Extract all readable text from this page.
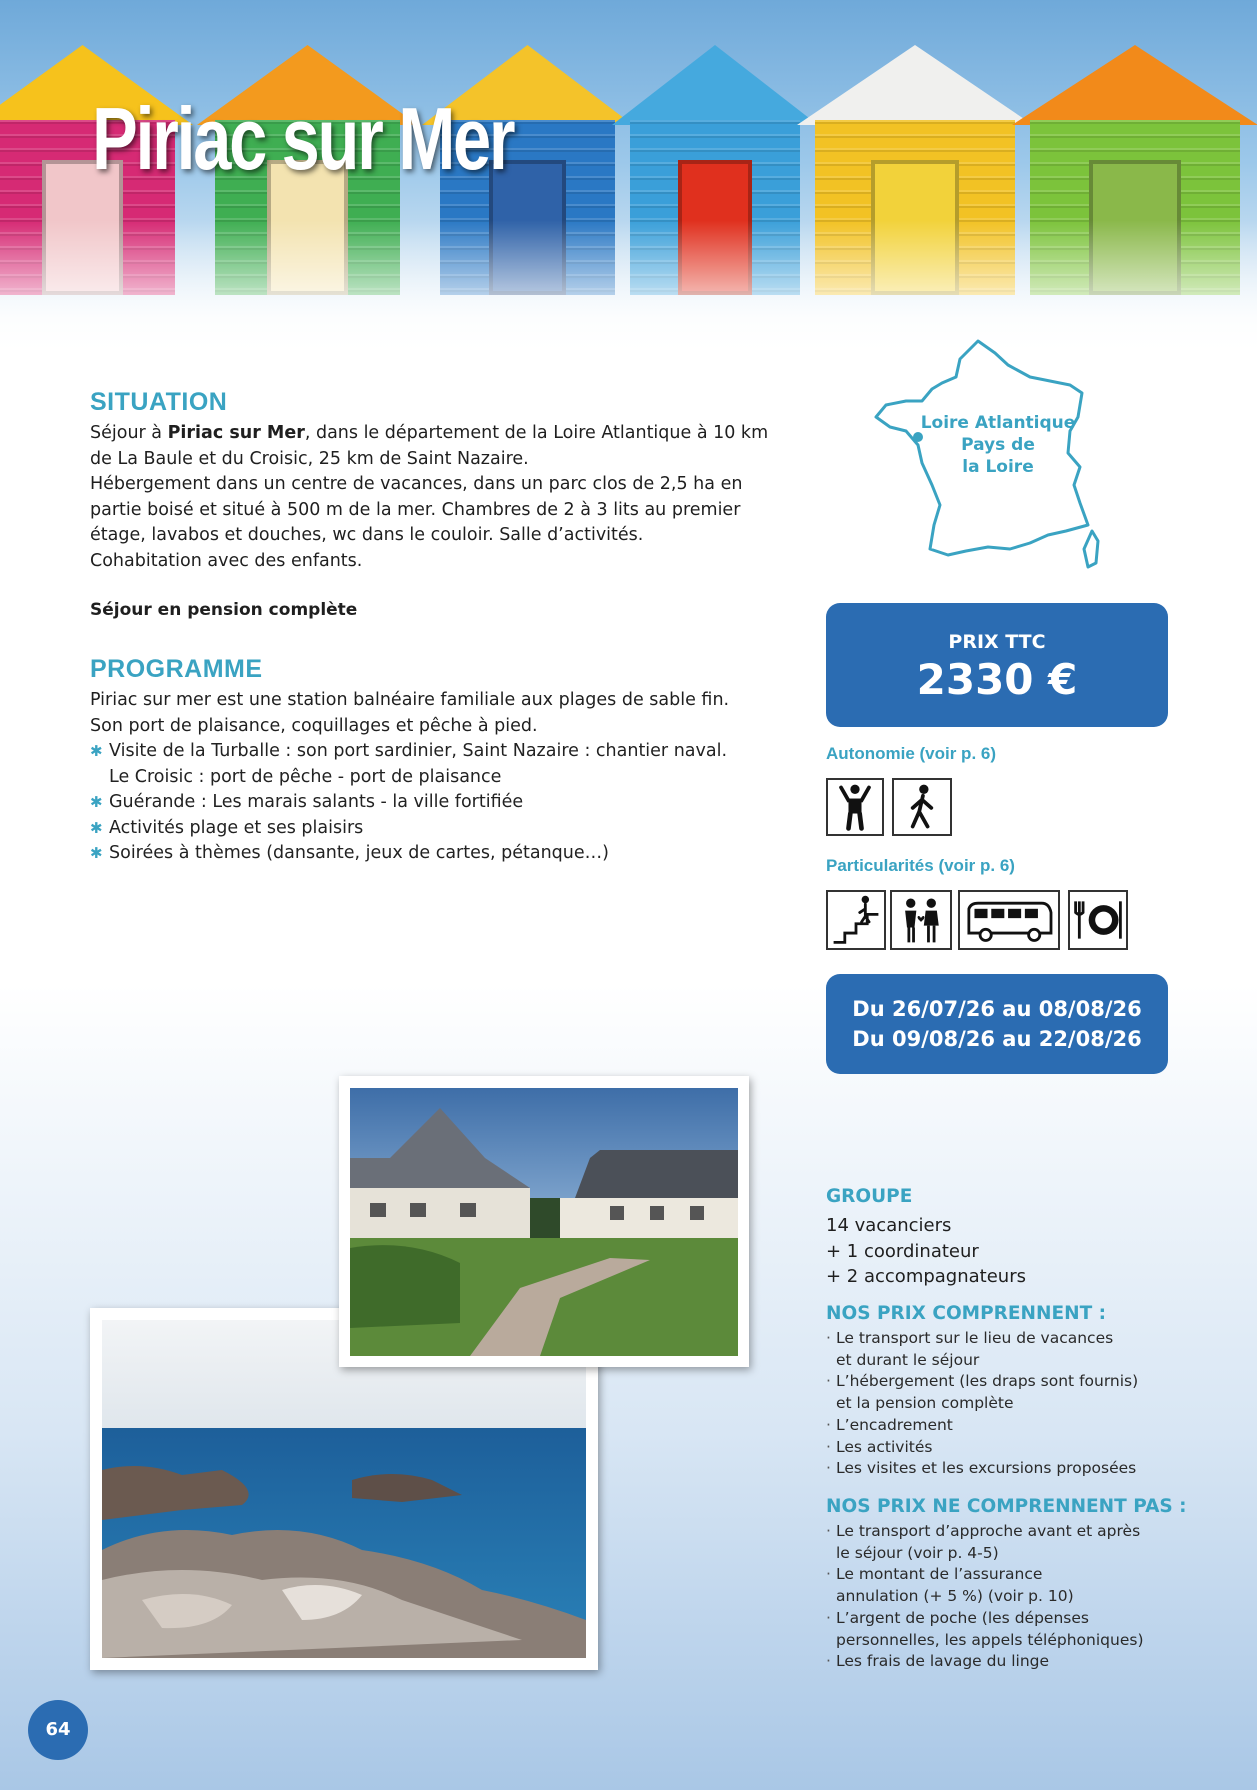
Piriac sur Mer
SITUATION

Séjour à Piriac sur Mer, dans le département de la Loire Atlantique à 10 km

de La Baule et du Croisic, 25 km de Saint Nazaire.

Hébergement dans un centre de vacances, dans un parc clos de 2,5 ha en

partie boisé et situé à 500 m de la mer. Chambres de 2 à 3 lits au premier

étage, lavabos et douches, wc dans le couloir. Salle d’activités.

Cohabitation avec des enfants.

Séjour en pension complète

PROGRAMME

Piriac sur mer est une station balnéaire familiale aux plages de sable fin.

Son port de plaisance, coquillages et pêche à pied.

✱ Visite de la Turballe : son port sardinier, Saint Nazaire : chantier naval.
Le Croisic : port de pêche - port de plaisance
✱ Guérande : Les marais salants - la ville fortifiée
✱ Activités plage et ses plaisirs
✱ Soirées à thèmes (dansante, jeux de cartes, pétanque…)
Loire Atlantique
Pays de
la Loire
PRIX TTC
2330 €
Autonomie (voir p. 6)
Particularités (voir p. 6)
Du 26/07/26 au 08/08/26
Du 09/08/26 au 22/08/26

GROUPE

14 vacanciers

+ 1 coordinateur

+ 2 accompagnateurs

NOS PRIX COMPRENNENT :

· Le transport sur le lieu de vacances
et durant le séjour
· L’hébergement (les draps sont fournis)
et la pension complète
· L’encadrement
· Les activités
· Les visites et les excursions proposées

NOS PRIX NE COMPRENNENT PAS :

· Le transport d’approche avant et après
le séjour (voir p. 4-5)
· Le montant de l’assurance
annulation (+ 5 %) (voir p. 10)
· L’argent de poche (les dépenses
personnelles, les appels téléphoniques)
· Les frais de lavage du linge
64
